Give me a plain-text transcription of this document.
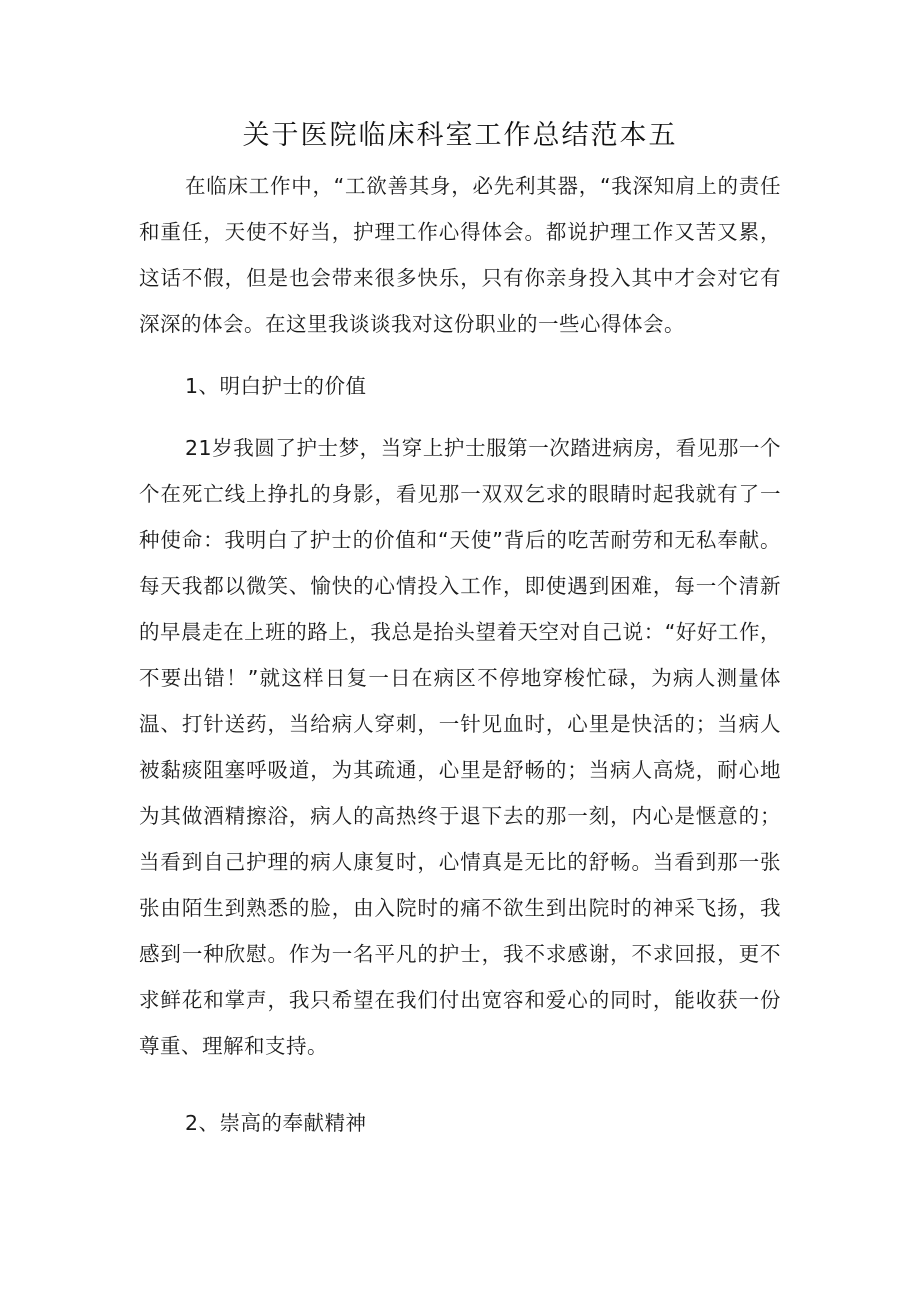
关于医院临床科室工作总结范本五

在临床工作中，“工欲善其身，必先利其器，“我深知肩上的责任和重任，天使不好当，护理工作心得体会。都说护理工作又苦又累，这话不假，但是也会带来很多快乐，只有你亲身投入其中才会对它有深深的体会。在这里我谈谈我对这份职业的一些心得体会。

1、明白护士的价值

21岁我圆了护士梦，当穿上护士服第一次踏进病房，看见那一个个在死亡线上挣扎的身影，看见那一双双乞求的眼睛时起我就有了一种使命：我明白了护士的价值和“天使”背后的吃苦耐劳和无私奉献。每天我都以微笑、愉快的心情投入工作，即使遇到困难，每一个清新的早晨走在上班的路上，我总是抬头望着天空对自己说：“好好工作，不要出错！”就这样日复一日在病区不停地穿梭忙碌，为病人测量体温、打针送药，当给病人穿刺，一针见血时，心里是快活的；当病人被黏痰阻塞呼吸道，为其疏通，心里是舒畅的；当病人高烧，耐心地为其做酒精擦浴，病人的高热终于退下去的那一刻，内心是惬意的；当看到自己护理的病人康复时，心情真是无比的舒畅。当看到那一张张由陌生到熟悉的脸，由入院时的痛不欲生到出院时的神采飞扬，我感到一种欣慰。作为一名平凡的护士，我不求感谢，不求回报，更不求鲜花和掌声，我只希望在我们付出宽容和爱心的同时，能收获一份尊重、理解和支持。

2、崇高的奉献精神
